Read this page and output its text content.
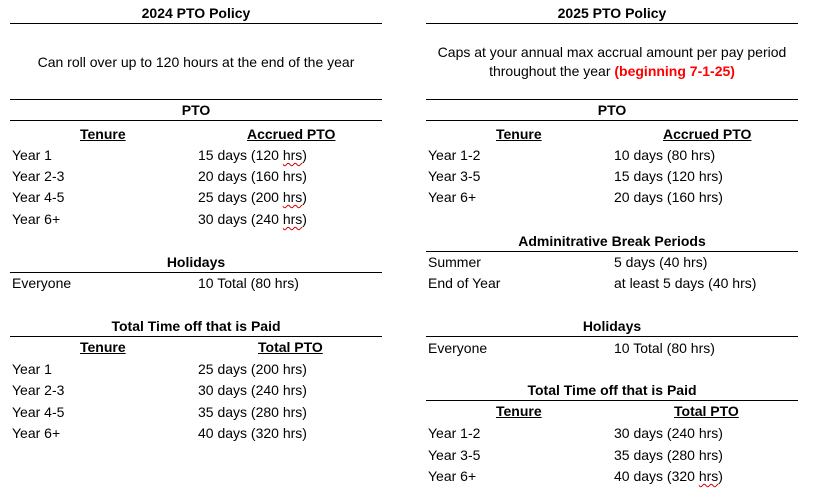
2024 PTO Policy
Can roll over up to 120 hours at the end of the year
PTO
Tenure	Accrued PTO
Year 1	15 days (120 hrs)
Year 2-3	20 days (160 hrs)
Year 4-5	25 days (200 hrs)
Year 6+	30 days (240 hrs)
Holidays
Everyone	10 Total (80 hrs)
Total Time off that is Paid
Tenure	Total PTO
Year 1	25 days (200 hrs)
Year 2-3	30 days (240 hrs)
Year 4-5	35 days (280 hrs)
Year 6+	40 days (320 hrs)
2025 PTO Policy
Caps at your annual max accrual amount per pay period
throughout the year (beginning 7-1-25)
PTO
Tenure	Accrued PTO
Year 1-2	10 days (80 hrs)
Year 3-5	15 days (120 hrs)
Year 6+	20 days (160 hrs)
Adminitrative Break Periods
Summer	5 days (40 hrs)
End of Year	at least 5 days (40 hrs)
Holidays
Everyone	10 Total (80 hrs)
Total Time off that is Paid
Tenure	Total PTO
Year 1-2	30 days (240 hrs)
Year 3-5	35 days (280 hrs)
Year 6+	40 days (320 hrs)
